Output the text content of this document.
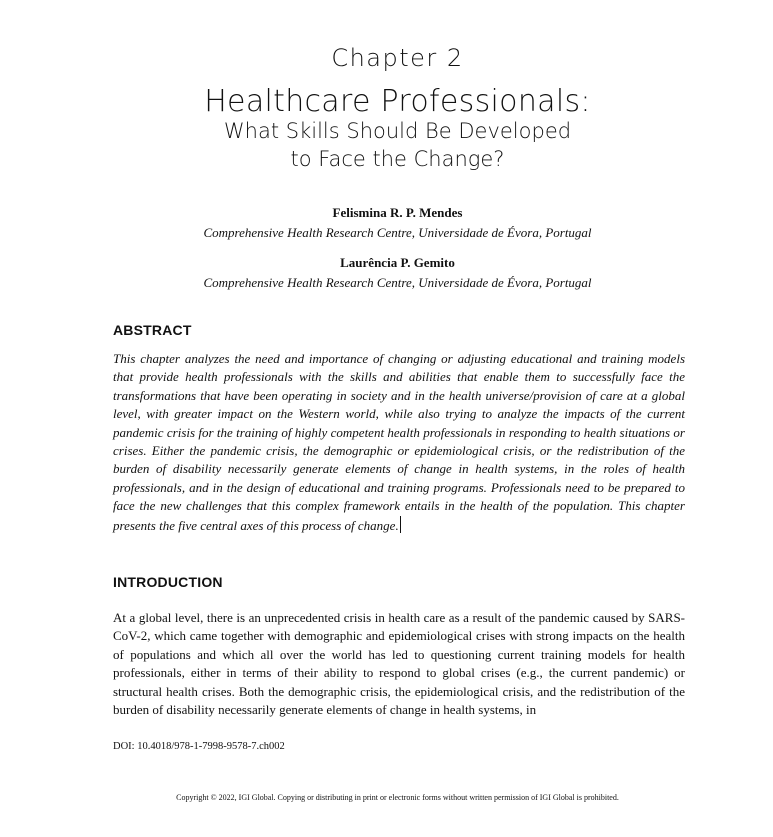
Chapter 2
Healthcare Professionals:
What Skills Should Be Developed
to Face the Change?
Felismina R. P. Mendes
Comprehensive Health Research Centre, Universidade de Évora, Portugal
Laurência P. Gemito
Comprehensive Health Research Centre, Universidade de Évora, Portugal
ABSTRACT
This chapter analyzes the need and importance of changing or adjusting educational and training models that provide health professionals with the skills and abilities that enable them to successfully face the transformations that have been operating in society and in the health universe/provision of care at a global level, with greater impact on the Western world, while also trying to analyze the impacts of the current pandemic crisis for the training of highly competent health professionals in responding to health situations or crises. Either the pandemic crisis, the demographic or epidemiological crisis, or the redistribution of the burden of disability necessarily generate elements of change in health systems, in the roles of health professionals, and in the design of educational and training programs. Professionals need to be prepared to face the new challenges that this complex framework entails in the health of the population. This chapter presents the five central axes of this process of change.
INTRODUCTION
At a global level, there is an unprecedented crisis in health care as a result of the pandemic caused by SARS-CoV-2, which came together with demographic and epidemiological crises with strong impacts on the health of populations and which all over the world has led to questioning current training models for health professionals, either in terms of their ability to respond to global crises (e.g., the current pandemic) or structural health crises. Both the demographic crisis, the epidemiological crisis, and the redistribution of the burden of disability necessarily generate elements of change in health systems, in
DOI: 10.4018/978-1-7998-9578-7.ch002
Copyright © 2022, IGI Global. Copying or distributing in print or electronic forms without written permission of IGI Global is prohibited.
